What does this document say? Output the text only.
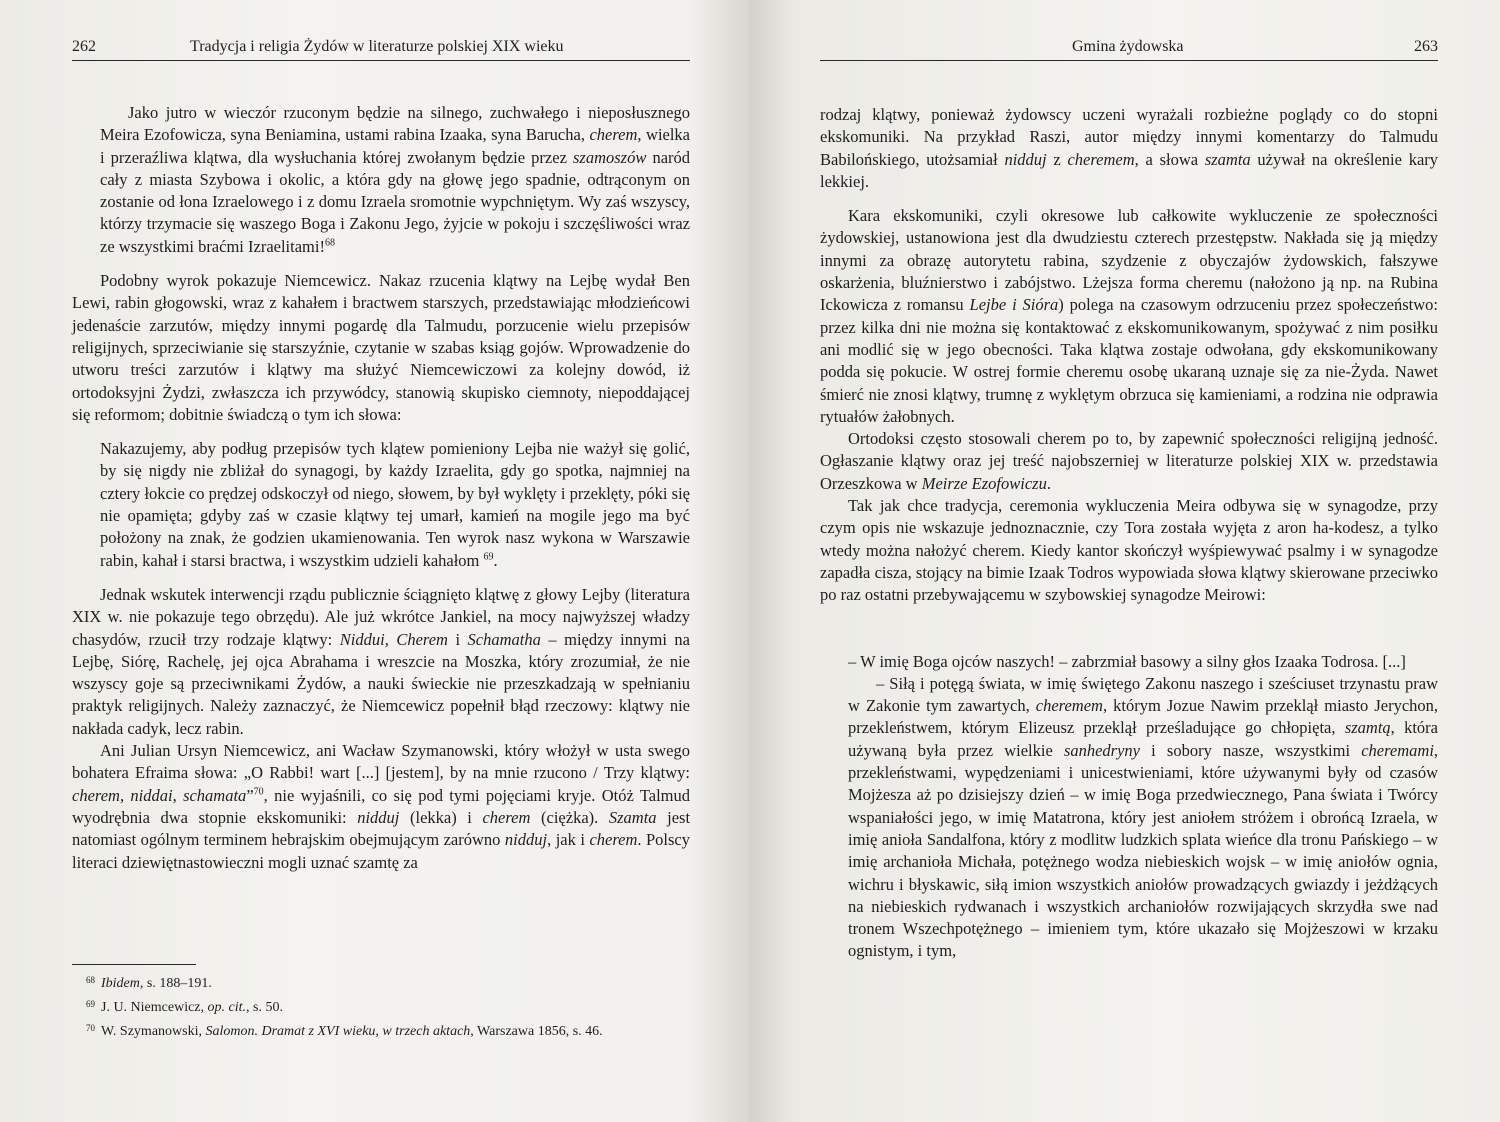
262	Tradycja i religia Żydów w literaturze polskiej XIX wieku

Jako jutro w wieczór rzuconym będzie na silnego, zuchwałego i nieposłusznego Meira Ezofowicza, syna Beniamina, ustami rabina Izaaka, syna Barucha, cherem, wielka i przeraźliwa klątwa, dla wysłuchania której zwołanym będzie przez szamoszów naród cały z miasta Szybowa i okolic, a która gdy na głowę jego spadnie, odtrąconym on zostanie od łona Izraelowego i z domu Izraela sromotnie wypchniętym. Wy zaś wszyscy, którzy trzymacie się waszego Boga i Zakonu Jego, żyjcie w pokoju i szczęśliwości wraz ze wszystkimi braćmi Izraelitami!$^{68}$

Podobny wyrok pokazuje Niemcewicz. Nakaz rzucenia klątwy na Lejbę wydał Ben Lewi, rabin głogowski, wraz z kahałem i bractwem starszych, przedstawiając młodzieńcowi jedenaście zarzutów, między innymi pogardę dla Talmudu, porzucenie wielu przepisów religijnych, sprzeciwianie się starszyźnie, czytanie w szabas ksiąg gojów. Wprowadzenie do utworu treści zarzutów i klątwy ma służyć Niemcewiczowi za kolejny dowód, iż ortodoksyjni Żydzi, zwłaszcza ich przywódcy, stanowią skupisko ciemnoty, niepoddającej się reformom; dobitnie świadczą o tym ich słowa:

Nakazujemy, aby podług przepisów tych klątew pomieniony Lejba nie ważył się golić, by się nigdy nie zbliżał do synagogi, by każdy Izraelita, gdy go spotka, najmniej na cztery łokcie co prędzej odskoczył od niego, słowem, by był wyklęty i przeklęty, póki się nie opamięta; gdyby zaś w czasie klątwy tej umarł, kamień na mogile jego ma być położony na znak, że godzien ukamienowania. Ten wyrok nasz wykona w Warszawie rabin, kahał i starsi bractwa, i wszystkim udzieli kahałom $^{69}$.

Jednak wskutek interwencji rządu publicznie ściągnięto klątwę z głowy Lejby (literatura XIX w. nie pokazuje tego obrzędu). Ale już wkrótce Jankiel, na mocy najwyższej władzy chasydów, rzucił trzy rodzaje klątwy: Niddui, Cherem i Schamatha – między innymi na Lejbę, Siórę, Rachelę, jej ojca Abrahama i wreszcie na Moszka, który zrozumiał, że nie wszyscy goje są przeciwnikami Żydów, a nauki świeckie nie przeszkadzają w spełnianiu praktyk religijnych. Należy zaznaczyć, że Niemcewicz popełnił błąd rzeczowy: klątwy nie nakłada cadyk, lecz rabin.

Ani Julian Ursyn Niemcewicz, ani Wacław Szymanowski, który włożył w usta swego bohatera Efraima słowa: „O Rabbi! wart [...] [jestem], by na mnie rzucono / Trzy klątwy: cherem, niddai, schamata”$^{70}$, nie wyjaśnili, co się pod tymi pojęciami kryje. Otóż Talmud wyodrębnia dwa stopnie ekskomuniki: nidduj (lekka) i cherem (ciężka). Szamta jest natomiast ogólnym terminem hebrajskim obejmującym zarówno nidduj, jak i cherem. Polscy literaci dziewiętnastowieczni mogli uznać szamtę za

$^{68}$ Ibidem, s. 188–191.

$^{69}$ J. U. Niemcewicz, op. cit., s. 50.

$^{70}$ W. Szymanowski, Salomon. Dramat z XVI wieku, w trzech aktach, Warszawa 1856, s. 46.

Gmina żydowska	263

rodzaj klątwy, ponieważ żydowscy uczeni wyrażali rozbieżne poglądy co do stopni ekskomuniki. Na przykład Raszi, autor między innymi komentarzy do Talmudu Babilońskiego, utożsamiał nidduj z cheremem, a słowa szamta używał na określenie kary lekkiej.

Kara ekskomuniki, czyli okresowe lub całkowite wykluczenie ze społeczności żydowskiej, ustanowiona jest dla dwudziestu czterech przestępstw. Nakłada się ją między innymi za obrazę autorytetu rabina, szydzenie z obyczajów żydowskich, fałszywe oskarżenia, bluźnierstwo i zabójstwo. Lżejsza forma cheremu (nałożono ją np. na Rubina Ickowicza z romansu Lejbe i Sióra) polega na czasowym odrzuceniu przez społeczeństwo: przez kilka dni nie można się kontaktować z ekskomunikowanym, spożywać z nim posiłku ani modlić się w jego obecności. Taka klątwa zostaje odwołana, gdy ekskomunikowany podda się pokucie. W ostrej formie cheremu osobę ukaraną uznaje się za nie-Żyda. Nawet śmierć nie znosi klątwy, trumnę z wyklętym obrzuca się kamieniami, a rodzina nie odprawia rytuałów żałobnych.

Ortodoksi często stosowali cherem po to, by zapewnić społeczności religijną jedność. Ogłaszanie klątwy oraz jej treść najobszerniej w literaturze polskiej XIX w. przedstawia Orzeszkowa w Meirze Ezofowiczu.

Tak jak chce tradycja, ceremonia wykluczenia Meira odbywa się w synagodze, przy czym opis nie wskazuje jednoznacznie, czy Tora została wyjęta z aron ha-kodesz, a tylko wtedy można nałożyć cherem. Kiedy kantor skończył wyśpiewywać psalmy i w synagodze zapadła cisza, stojący na bimie Izaak Todros wypowiada słowa klątwy skierowane przeciwko po raz ostatni przebywającemu w szybowskiej synagodze Meirowi:

– W imię Boga ojców naszych! – zabrzmiał basowy a silny głos Izaaka Todrosa. [...]

– Siłą i potęgą świata, w imię świętego Zakonu naszego i sześciuset trzynastu praw w Zakonie tym zawartych, cheremem, którym Jozue Nawim przeklął miasto Jerychon, przekleństwem, którym Elizeusz przeklął prześladujące go chłopięta, szamtą, która używaną była przez wielkie sanhedryny i sobory nasze, wszystkimi cheremami, przekleństwami, wypędzeniami i unicestwieniami, które używanymi były od czasów Mojżesza aż po dzisiejszy dzień – w imię Boga przedwiecznego, Pana świata i Twórcy wspaniałości jego, w imię Matatrona, który jest aniołem stróżem i obrońcą Izraela, w imię anioła Sandalfona, który z modlitw ludzkich splata wieńce dla tronu Pańskiego – w imię archanioła Michała, potężnego wodza niebieskich wojsk – w imię aniołów ognia, wichru i błyskawic, siłą imion wszystkich aniołów prowadzących gwiazdy i jeżdżących na niebieskich rydwanach i wszystkich archaniołów rozwijających skrzydła swe nad tronem Wszechpotężnego – imieniem tym, które ukazało się Mojżeszowi w krzaku ognistym, i tym,
